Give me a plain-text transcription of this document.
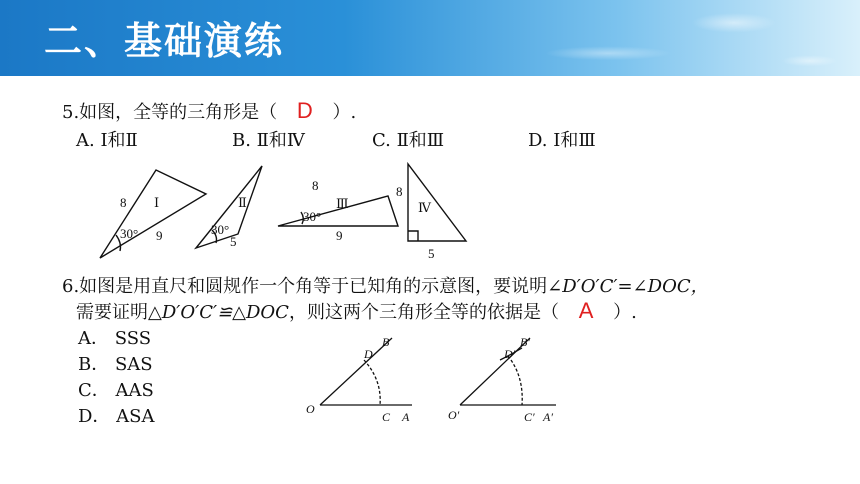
二、基础演练
5.如图，全等的三角形是（ D ）.
A. Ⅰ和Ⅱ	B. Ⅱ和Ⅳ	C. Ⅱ和Ⅲ	D. Ⅰ和Ⅲ
Ⅰ
8
9
30°
Ⅱ
5
30°
Ⅲ
8
9
30°
Ⅳ
8
5
6.如图是用直尺和圆规作一个角等于已知角的示意图，要说明∠D′O′C′=∠DOC，
需要证明△D′O′C′≌△DOC，则这两个三角形全等的依据是（ A ）.
A． SSS
B． SAS
C． AAS
D． ASA	O
B
D
C A	O′
B′
D′
C′ A′
